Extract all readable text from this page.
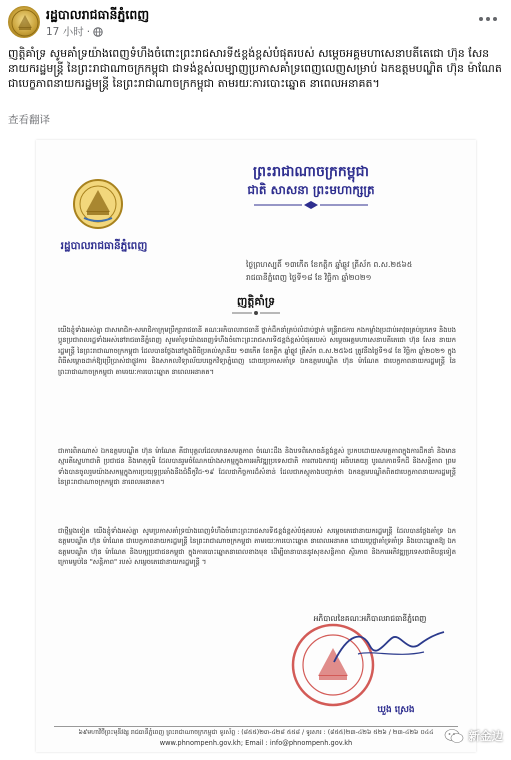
រដ្ឋបាលរាជធានីភ្នំពេញ
17 小时 ·
ញត្តិគាំទ្រ សូមគាំទ្រយ៉ាងពេញទំហឹងចំពោះព្រះរាជសារទី៥ខ្ពង់ខ្ពស់បំផុតរបស់ សម្ដេចអគ្គមហាសេនាបតីតេជោ ហ៊ុន សែន នាយករដ្ឋមន្ត្រី នៃព្រះរាជាណាចក្រកម្ពុជា ជាទង់ខ្ពស់លម្បាញប្រកាសគាំទ្រពេញលេញសម្រាប់ ឯកឧត្តមបណ្ឌិត ហ៊ុន ម៉ាណែត ជាបេក្ខភាពនាយករដ្ឋមន្ត្រី នៃព្រះរាជាណាចក្រកម្ពុជា តាមរយៈការបោះឆ្នោត នាពេលអនាគត។
查看翻译
ព្រះរាជាណាចក្រកម្ពុជា
ជាតិ សាសនា ព្រះមហាក្សត្រ
រដ្ឋបាលរាជធានីភ្នំពេញ
ថ្ងៃព្រហស្បតិ៍ ១៣កើត ខែកត្តិក ឆ្នាំឆ្លូវ ត្រីស័ក ព.ស.២៥៦៥
រាជធានីភ្នំពេញ ថ្ងៃទី១៨ ខែ វិច្ឆិកា ឆ្នាំ២០២១
ញត្តិគាំទ្រ
យើងខ្ញុំទាំងអស់គ្នា ជាសមាជិក-សមាជិកាក្រុមប្រឹក្សារាជធានី គណៈអភិបាលរាជធានី ថ្នាក់ដឹកនាំគ្រប់លំដាប់ថ្នាក់ មន្ត្រីរាជការ កងកម្លាំងប្រដាប់អាវុធគ្រប់ប្រភេទ និងបងប្អូនប្រជាពលរដ្ឋទាំងអស់នៅរាជធានីភ្នំពេញ សូមគាំទ្រយ៉ាងពេញទំហឹងចំពោះព្រះរាជសារទី៥ខ្ពង់ខ្ពស់បំផុតរបស់ សម្ដេចអគ្គមហាសេនាបតីតេជោ ហ៊ុន សែន នាយករដ្ឋមន្ត្រី នៃព្រះរាជាណាចក្រកម្ពុជា ដែលបានថ្លែងនៅក្នុងពិធីប្រគល់ស្ថានីយ ១៣កើត ខែកត្តិក ឆ្នាំឆ្លូវ ត្រីស័ក ព.ស.២៥៦៥ ត្រូវនឹងថ្ងៃទី១៨ ខែ វិច្ឆិកា ឆ្នាំ២០២១ ក្នុងពិធីសម្ពោធដាក់ឱ្យប្រើប្រាស់ជាផ្លូវការ និងសាកលវិទ្យាល័យបច្ចេកវិទ្យាភ្នំពេញ ដោយប្រកាសគាំទ្រ ឯកឧត្តមបណ្ឌិត ហ៊ុន ម៉ាណែត ជាបេក្ខភាពនាយករដ្ឋមន្ត្រី នៃព្រះរាជាណាចក្រកម្ពុជា តាមរយៈការបោះឆ្នោត នាពេលអនាគត។
ជាការពិតណាស់ ឯកឧត្តមបណ្ឌិត ហ៊ុន ម៉ាណែត គឺជាបុគ្គលដែលមានសមត្ថភាព ចំណេះដឹង និងបទពិសោធន៍ខ្ពង់ខ្ពស់ ប្រកបដោយសមត្ថភាពក្នុងការដឹកនាំ និងមានស្មារតីស្នេហាជាតិ ប្រជាជន និងមាតុភូមិ ដែលបានរួមចំណែកយ៉ាងសកម្មក្នុងការអភិវឌ្ឍប្រទេសជាតិ ការពារឯករាជ្យ អធិបតេយ្យ បូរណភាពទឹកដី និងសន្តិភាព ព្រមទាំងបានចូលរួមយ៉ាងសកម្មក្នុងការប្រយុទ្ធប្រឆាំងនឹងជំងឺកូវីដ-១៩ ដែលជាកិច្ចការដ៏សំខាន់ ដែលជាភស្តុតាងបញ្ជាក់ថា ឯកឧត្តមបណ្ឌិតពិតជាបេក្ខភាពនាយករដ្ឋមន្ត្រី នៃព្រះរាជាណាចក្រកម្ពុជា នាពេលអនាគត។
ជាថ្មីម្ដងទៀត យើងខ្ញុំទាំងអស់គ្នា សូមប្រកាសគាំទ្រយ៉ាងពេញទំហឹងចំពោះព្រះរាជសារទី៥ខ្ពង់ខ្ពស់បំផុតរបស់ សម្ដេចតេជោនាយករដ្ឋមន្ត្រី ដែលបានថ្លែងគាំទ្រ ឯកឧត្តមបណ្ឌិត ហ៊ុន ម៉ាណែត ជាបេក្ខភាពនាយករដ្ឋមន្ត្រី នៃព្រះរាជាណាចក្រកម្ពុជា តាមរយៈការបោះឆ្នោត នាពេលអនាគត ដោយប្ដេជ្ញាគាំទ្រគាំទ្រ និងបោះឆ្នោតឱ្យ ឯកឧត្តមបណ្ឌិត ហ៊ុន ម៉ាណែត និងបក្សប្រជាជនកម្ពុជា ក្នុងការបោះឆ្នោតនាពេលខាងមុខ ដើម្បីធានាបាននូវសុខសន្តិភាព ស្ថិរភាព និងការអភិវឌ្ឍប្រទេសជាតិបន្តទៀត ក្រោមម្លប់នៃ "សន្តិភាព" របស់ សម្ដេចតេជោនាយករដ្ឋមន្ត្រី ។
អភិបាលនៃគណៈអភិបាលរាជធានីភ្នំពេញ
ឃួង ស្រេង
៦៩មហាវិថីព្រះមុនីវង្ស រាជធានីភ្នំពេញ ព្រះរាជាណាចក្រកម្ពុជា ទូរស័ព្ទ : (៨៥៥)២៣-៤២៨ ៥៥៨ / ទូរសារ : (៨៥៥)២៣-៤២៦ ៥២៦ / ២៣-៤២៦ ០៤៤
www.phnompenh.gov.kh; Email : info@phnompenh.gov.kh	新金边
